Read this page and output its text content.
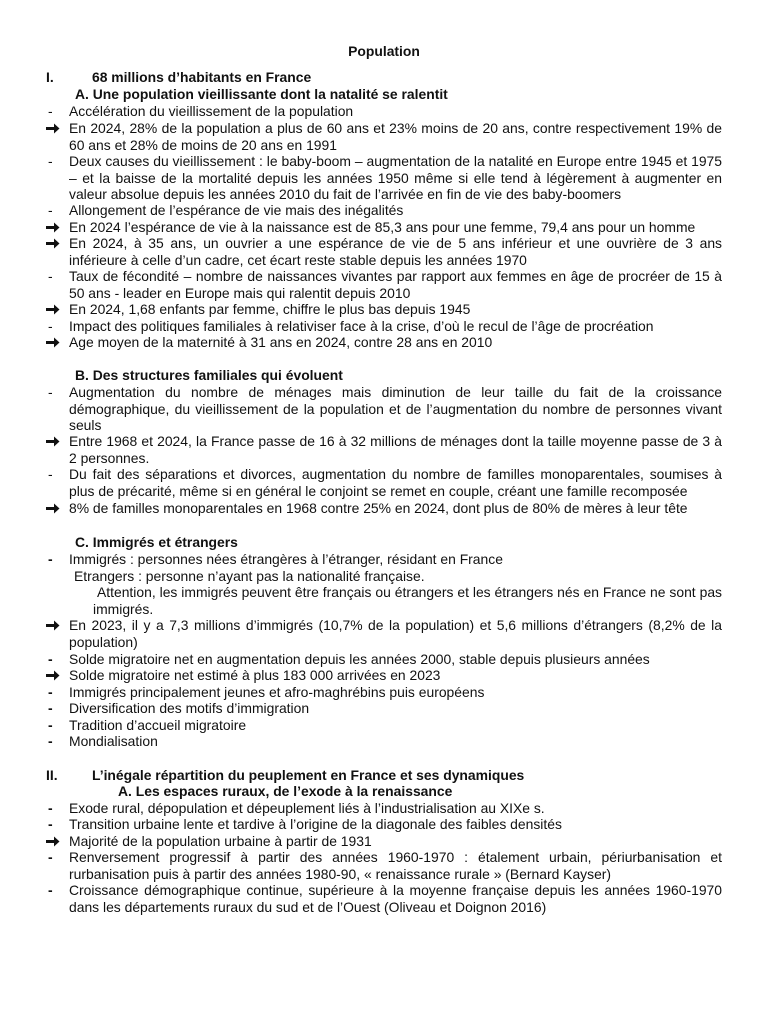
Population
I.	68 millions d’habitants en France
A. Une population vieillissante dont la natalité se ralentit
-	Accélération du vieillissement de la population
En 2024, 28% de la population a plus de 60 ans et 23% moins de 20 ans, contre respectivement 19% de 60 ans et 28% de moins de 20 ans en 1991
-	Deux causes du vieillissement : le baby-boom – augmentation de la natalité en Europe entre 1945 et 1975 – et la baisse de la mortalité depuis les années 1950 même si elle tend à légèrement à augmenter en valeur absolue depuis les années 2010 du fait de l’arrivée en fin de vie des baby-boomers
-	Allongement de l’espérance de vie mais des inégalités
En 2024 l’espérance de vie à la naissance est de 85,3 ans pour une femme, 79,4 ans pour un homme
En 2024, à 35 ans, un ouvrier a une espérance de vie de 5 ans inférieur et une ouvrière de 3 ans inférieure à celle d’un cadre, cet écart reste stable depuis les années 1970
-	Taux de fécondité – nombre de naissances vivantes par rapport aux femmes en âge de procréer de 15 à 50 ans - leader en Europe mais qui ralentit depuis 2010
En 2024, 1,68 enfants par femme, chiffre le plus bas depuis 1945
-	Impact des politiques familiales à relativiser face à la crise, d’où le recul de l’âge de procréation
Age moyen de la maternité à 31 ans en 2024, contre 28 ans en 2010
B. Des structures familiales qui évoluent
-	Augmentation du nombre de ménages mais diminution de leur taille du fait de la croissance démographique, du vieillissement de la population et de l’augmentation du nombre de personnes vivant seuls
Entre 1968 et 2024, la France passe de 16 à 32 millions de ménages dont la taille moyenne passe de 3 à 2 personnes.
-	Du fait des séparations et divorces, augmentation du nombre de familles monoparentales, soumises à plus de précarité, même si en général le conjoint se remet en couple, créant une famille recomposée
8% de familles monoparentales en 1968 contre 25% en 2024, dont plus de 80% de mères à leur tête
C. Immigrés et étrangers
-	Immigrés : personnes nées étrangères à l’étranger, résidant en France
Etrangers : personne n’ayant pas la nationalité française.
Attention, les immigrés peuvent être français ou étrangers et les étrangers nés en France ne sont pas immigrés.
En 2023, il y a 7,3 millions d’immigrés (10,7% de la population) et 5,6 millions d’étrangers (8,2% de la population)
-	Solde migratoire net en augmentation depuis les années 2000, stable depuis plusieurs années
Solde migratoire net estimé à plus 183 000 arrivées en 2023
-	Immigrés principalement jeunes et afro-maghrébins puis européens
-	Diversification des motifs d’immigration
-	Tradition d’accueil migratoire
-	Mondialisation
II. L’inégale répartition du peuplement en France et ses dynamiques
A. Les espaces ruraux, de l’exode à la renaissance
-	Exode rural, dépopulation et dépeuplement liés à l’industrialisation au XIXe s.
-	Transition urbaine lente et tardive à l’origine de la diagonale des faibles densités
Majorité de la population urbaine à partir de 1931
-	Renversement progressif à partir des années 1960-1970 : étalement urbain, périurbanisation et rurbanisation puis à partir des années 1980-90, « renaissance rurale » (Bernard Kayser)
-	Croissance démographique continue, supérieure à la moyenne française depuis les années 1960-1970 dans les départements ruraux du sud et de l’Ouest (Oliveau et Doignon 2016)
